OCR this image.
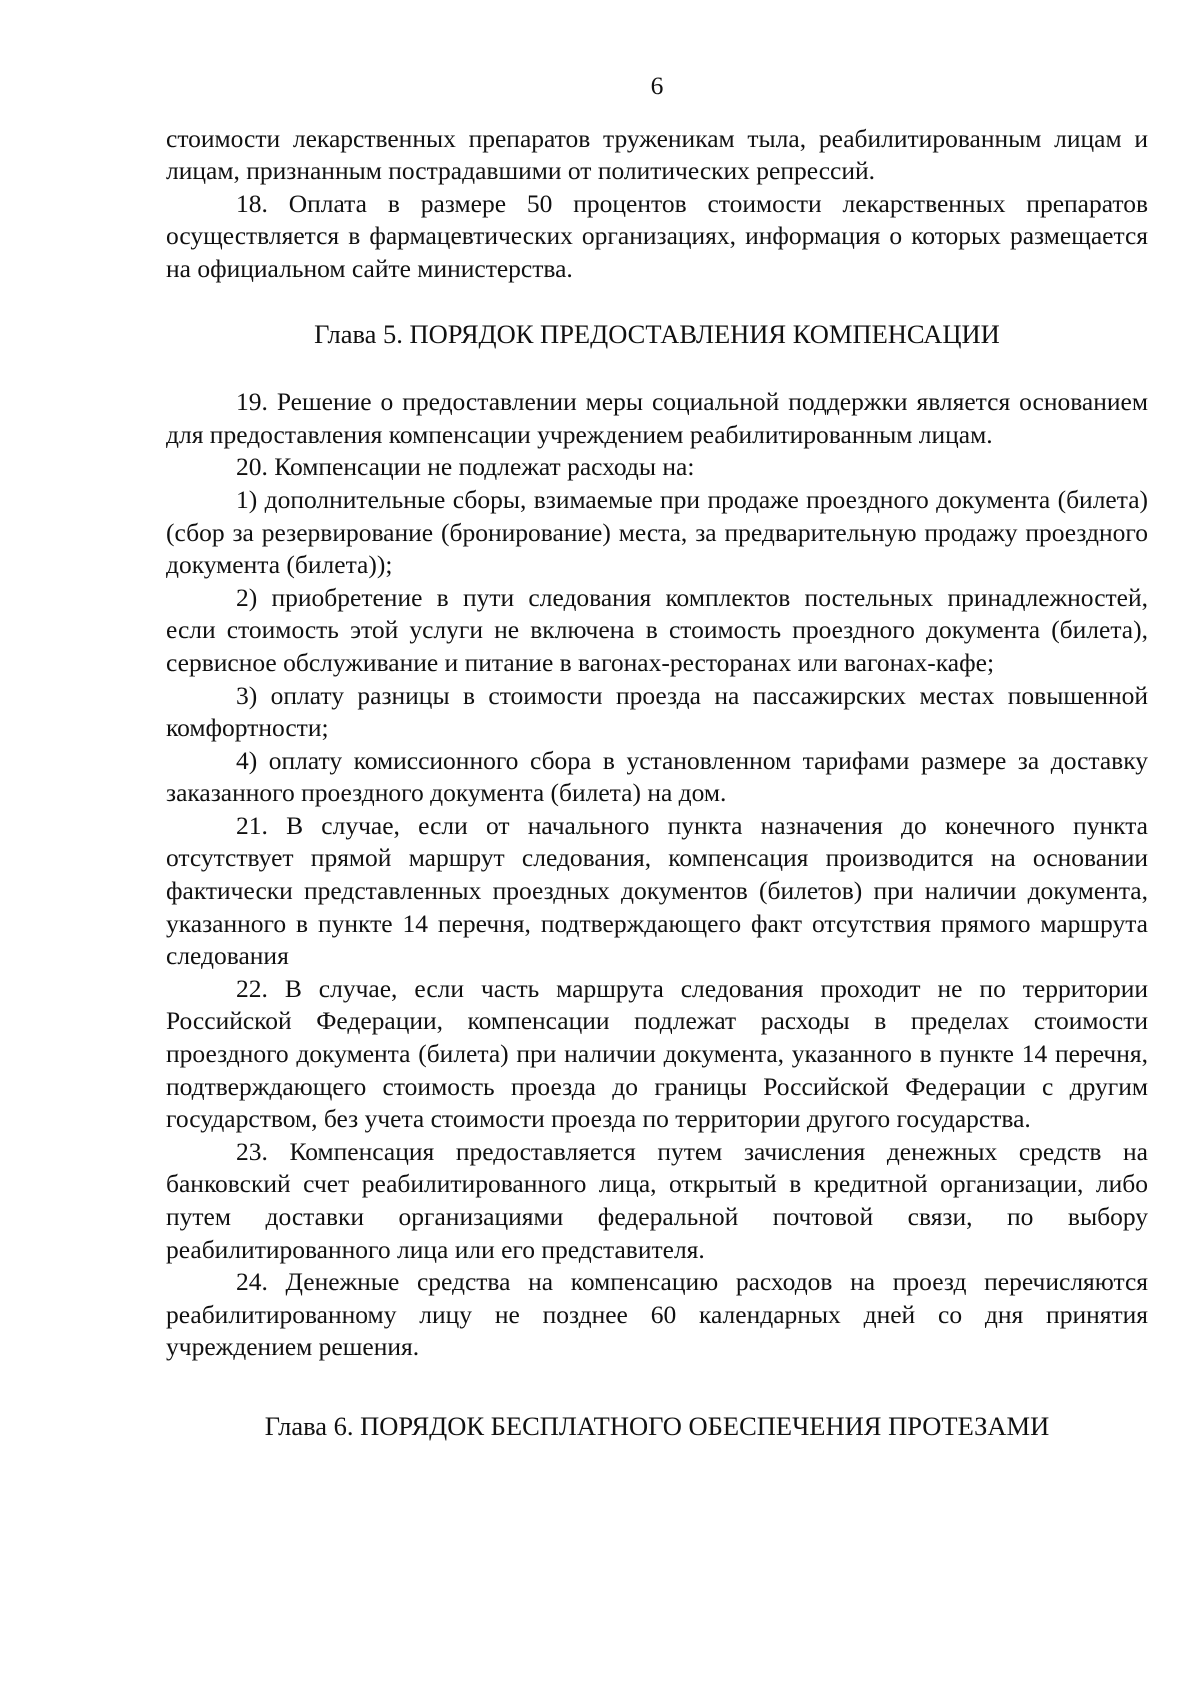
6

стоимости лекарственных препаратов труженикам тыла, реабилитированным лицам и лицам, признанным пострадавшими от политических репрессий.

18. Оплата в размере 50 процентов стоимости лекарственных препаратов осуществляется в фармацевтических организациях, информация о которых размещается на официальном сайте министерства.

Глава 5. ПОРЯДОК ПРЕДОСТАВЛЕНИЯ КОМПЕНСАЦИИ

19. Решение о предоставлении меры социальной поддержки является основанием для предоставления компенсации учреждением реабилитированным лицам.

20. Компенсации не подлежат расходы на:

1) дополнительные сборы, взимаемые при продаже проездного документа (билета) (сбор за резервирование (бронирование) места, за предварительную продажу проездного документа (билета));

2) приобретение в пути следования комплектов постельных принадлежностей, если стоимость этой услуги не включена в стоимость проездного документа (билета), сервисное обслуживание и питание в вагонах-ресторанах или вагонах-кафе;

3) оплату разницы в стоимости проезда на пассажирских местах повышенной комфортности;

4) оплату комиссионного сбора в установленном тарифами размере за доставку заказанного проездного документа (билета) на дом.

21. В случае, если от начального пункта назначения до конечного пункта отсутствует прямой маршрут следования, компенсация производится на основании фактически представленных проездных документов (билетов) при наличии документа, указанного в пункте 14 перечня, подтверждающего факт отсутствия прямого маршрута следования

22. В случае, если часть маршрута следования проходит не по территории Российской Федерации, компенсации подлежат расходы в пределах стоимости проездного документа (билета) при наличии документа, указанного в пункте 14 перечня, подтверждающего стоимость проезда до границы Российской Федерации с другим государством, без учета стоимости проезда по территории другого государства.

23. Компенсация предоставляется путем зачисления денежных средств на банковский счет реабилитированного лица, открытый в кредитной организации, либо путем доставки организациями федеральной почтовой связи, по выбору реабилитированного лица или его представителя.

24. Денежные средства на компенсацию расходов на проезд перечисляются реабилитированному лицу не позднее 60 календарных дней со дня принятия учреждением решения.

Глава 6. ПОРЯДОК БЕСПЛАТНОГО ОБЕСПЕЧЕНИЯ ПРОТЕЗАМИ
